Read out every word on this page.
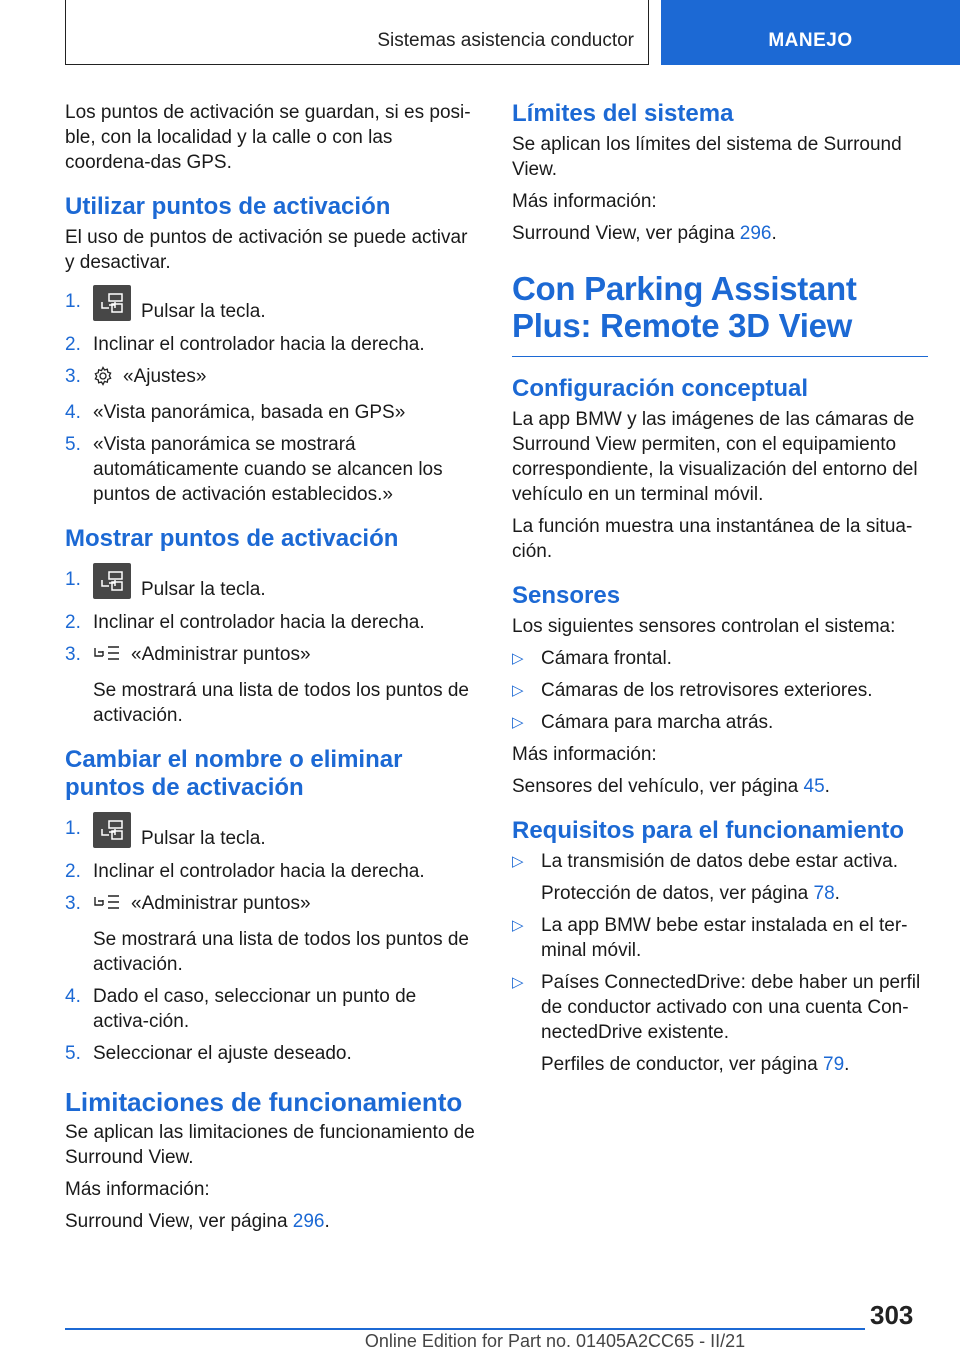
Sistemas asistencia conductor	MANEJO

Los puntos de activación se guardan, si es posi‐ble, con la localidad y la calle o con las coordena‐das GPS.

Utilizar puntos de activación

El uso de puntos de activación se puede activar y desactivar.

1.	Pulsar la tecla.
2. Inclinar el controlador hacia la derecha.
3. «Ajustes»
4. «Vista panorámica, basada en GPS»
5. «Vista panorámica se mostrará automáticamente cuando se alcancen los puntos de activación establecidos.»
Mostrar puntos de activación
1.	Pulsar la tecla.
2. Inclinar el controlador hacia la derecha.
3.	«Administrar puntos»
Se mostrará una lista de todos los puntos de activación.
Cambiar el nombre o eliminar puntos de activación
1.	Pulsar la tecla.
2. Inclinar el controlador hacia la derecha.
3.	«Administrar puntos»
Se mostrará una lista de todos los puntos de activación.
4. Dado el caso, seleccionar un punto de activa‐ción.
5. Seleccionar el ajuste deseado.
Limitaciones de funcionamiento

Se aplican las limitaciones de funcionamiento de Surround View.

Más información:

Surround View, ver página 296.

Límites del sistema

Se aplican los límites del sistema de Surround View.

Más información:

Surround View, ver página 296.

Con Parking Assistant Plus: Remote 3D View
Configuración conceptual

La app BMW y las imágenes de las cámaras de Surround View permiten, con el equipamiento correspondiente, la visualización del entorno del vehículo en un terminal móvil.

La función muestra una instantánea de la situa‐ción.

Sensores

Los siguientes sensores controlan el sistema:

▷ Cámara frontal.
▷ Cámaras de los retrovisores exteriores.
▷ Cámara para marcha atrás.

Más información:

Sensores del vehículo, ver página 45.

Requisitos para el funcionamiento
▷ La transmisión de datos debe estar activa.
Protección de datos, ver página 78.
▷ La app BMW bebe estar instalada en el ter‐minal móvil.
▷ Países ConnectedDrive: debe haber un perfil de conductor activado con una cuenta Con‐nectedDrive existente.
Perfiles de conductor, ver página 79.
303
Online Edition for Part no. 01405A2CC65 - II/21
